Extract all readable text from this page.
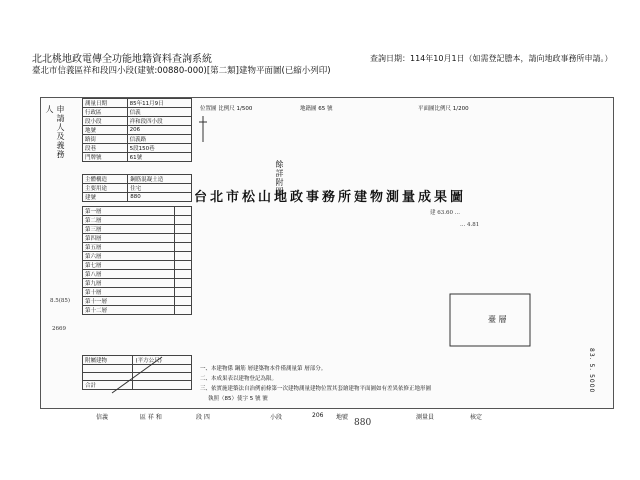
北北桃地政電傳全功能地籍資料查詢系統
臺北市信義區祥和段四小段(建號:00880-000)[第二類]建物平面圖(已縮小列印)
查詢日期：114年10月1日（如需登記謄本，請向地政事務所申請。）
申請人及義務人
測量日期	85年11月9日
行政區	信義
段小段	祥和段四小段
地號	206
路街	信義路
段巷	5段150巷
門牌號	61號
主體構造	鋼筋混凝土造
主要用途	住宅
建號	880
第一層	
第二層	
第三層	
第四層	
第五層	
第六層	
第七層	
第八層	
第九層	
第十層	
第十一層	
第十二層	
附屬建物	(平方公尺)

合計	
8.5(85)
2669
位置圖 比例尺 1/500	地籍圖 65 號	平面圖比例尺 1/200
台北市松山地政事務所建物測量成果圖
餘詳附圖
建 63.60 ...
... 4.81
臺 層
83. 5. 5000
一、本建物係 鋼筋 層建築物本件僅測量第 層部分。
二、本成果表以建物登記為限。
三、依實施建築法自治例前條第一次建物測量建物位置其套繪建物平面圖如有差異依修正地形圖
執照（85）使字 5 號 號
信義	區 祥 和	段 四	小段	206 地號	測量員	核定
880
